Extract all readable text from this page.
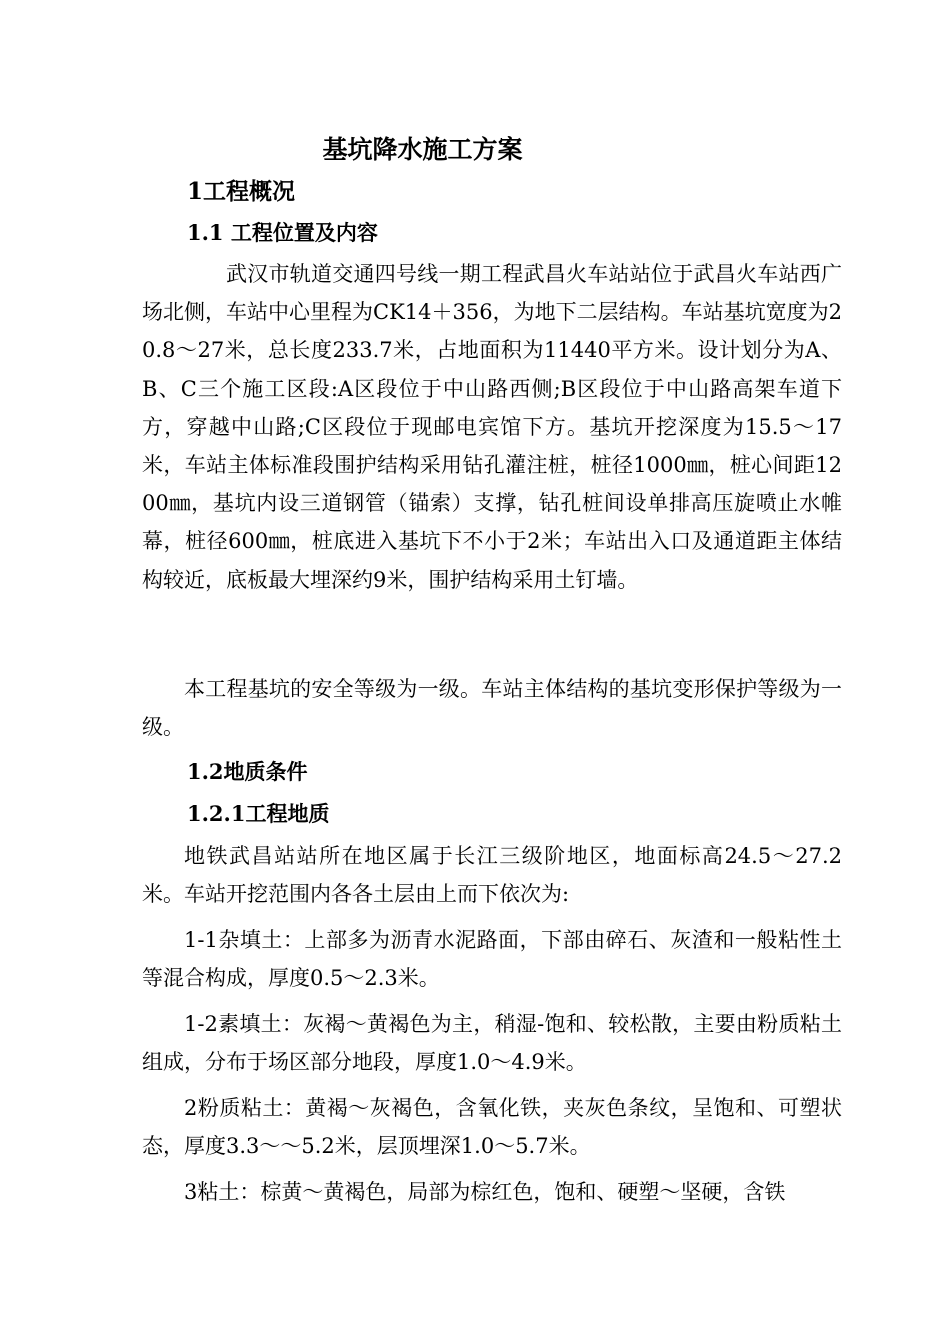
基坑降水施工方案
1工程概况
1.1 工程位置及内容

武汉市轨道交通四号线一期工程武昌火车站站位于武昌火车站西广场北侧，车站中心里程为CK14＋356，为地下二层结构。车站基坑宽度为20.8～27米，总长度233.7米，占地面积为11440平方米。设计划分为A、B、C三个施工区段:A区段位于中山路西侧;B区段位于中山路高架车道下方，穿越中山路;C区段位于现邮电宾馆下方。基坑开挖深度为15.5～17米，车站主体标准段围护结构采用钻孔灌注桩，桩径1000㎜，桩心间距1200㎜，基坑内设三道钢管（锚索）支撑，钻孔桩间设单排高压旋喷止水帷幕，桩径600㎜，桩底进入基坑下不小于2米；车站出入口及通道距主体结构较近，底板最大埋深约9米，围护结构采用土钉墙。

本工程基坑的安全等级为一级。车站主体结构的基坑变形保护等级为一级。

1.2地质条件
1.2.1工程地质

地铁武昌站站所在地区属于长江三级阶地区，地面标高24.5～27.2米。车站开挖范围内各各土层由上而下依次为:

1-1杂填土：上部多为沥青水泥路面，下部由碎石、灰渣和一般粘性土等混合构成，厚度0.5～2.3米。

1-2素填土：灰褐～黄褐色为主，稍湿-饱和、较松散，主要由粉质粘土组成，分布于场区部分地段，厚度1.0～4.9米。

2粉质粘土：黄褐～灰褐色，含氧化铁，夹灰色条纹，呈饱和、可塑状态，厚度3.3～～5.2米，层顶埋深1.0～5.7米。

3粘土：棕黄～黄褐色，局部为棕红色，饱和、硬塑～坚硬，含铁
